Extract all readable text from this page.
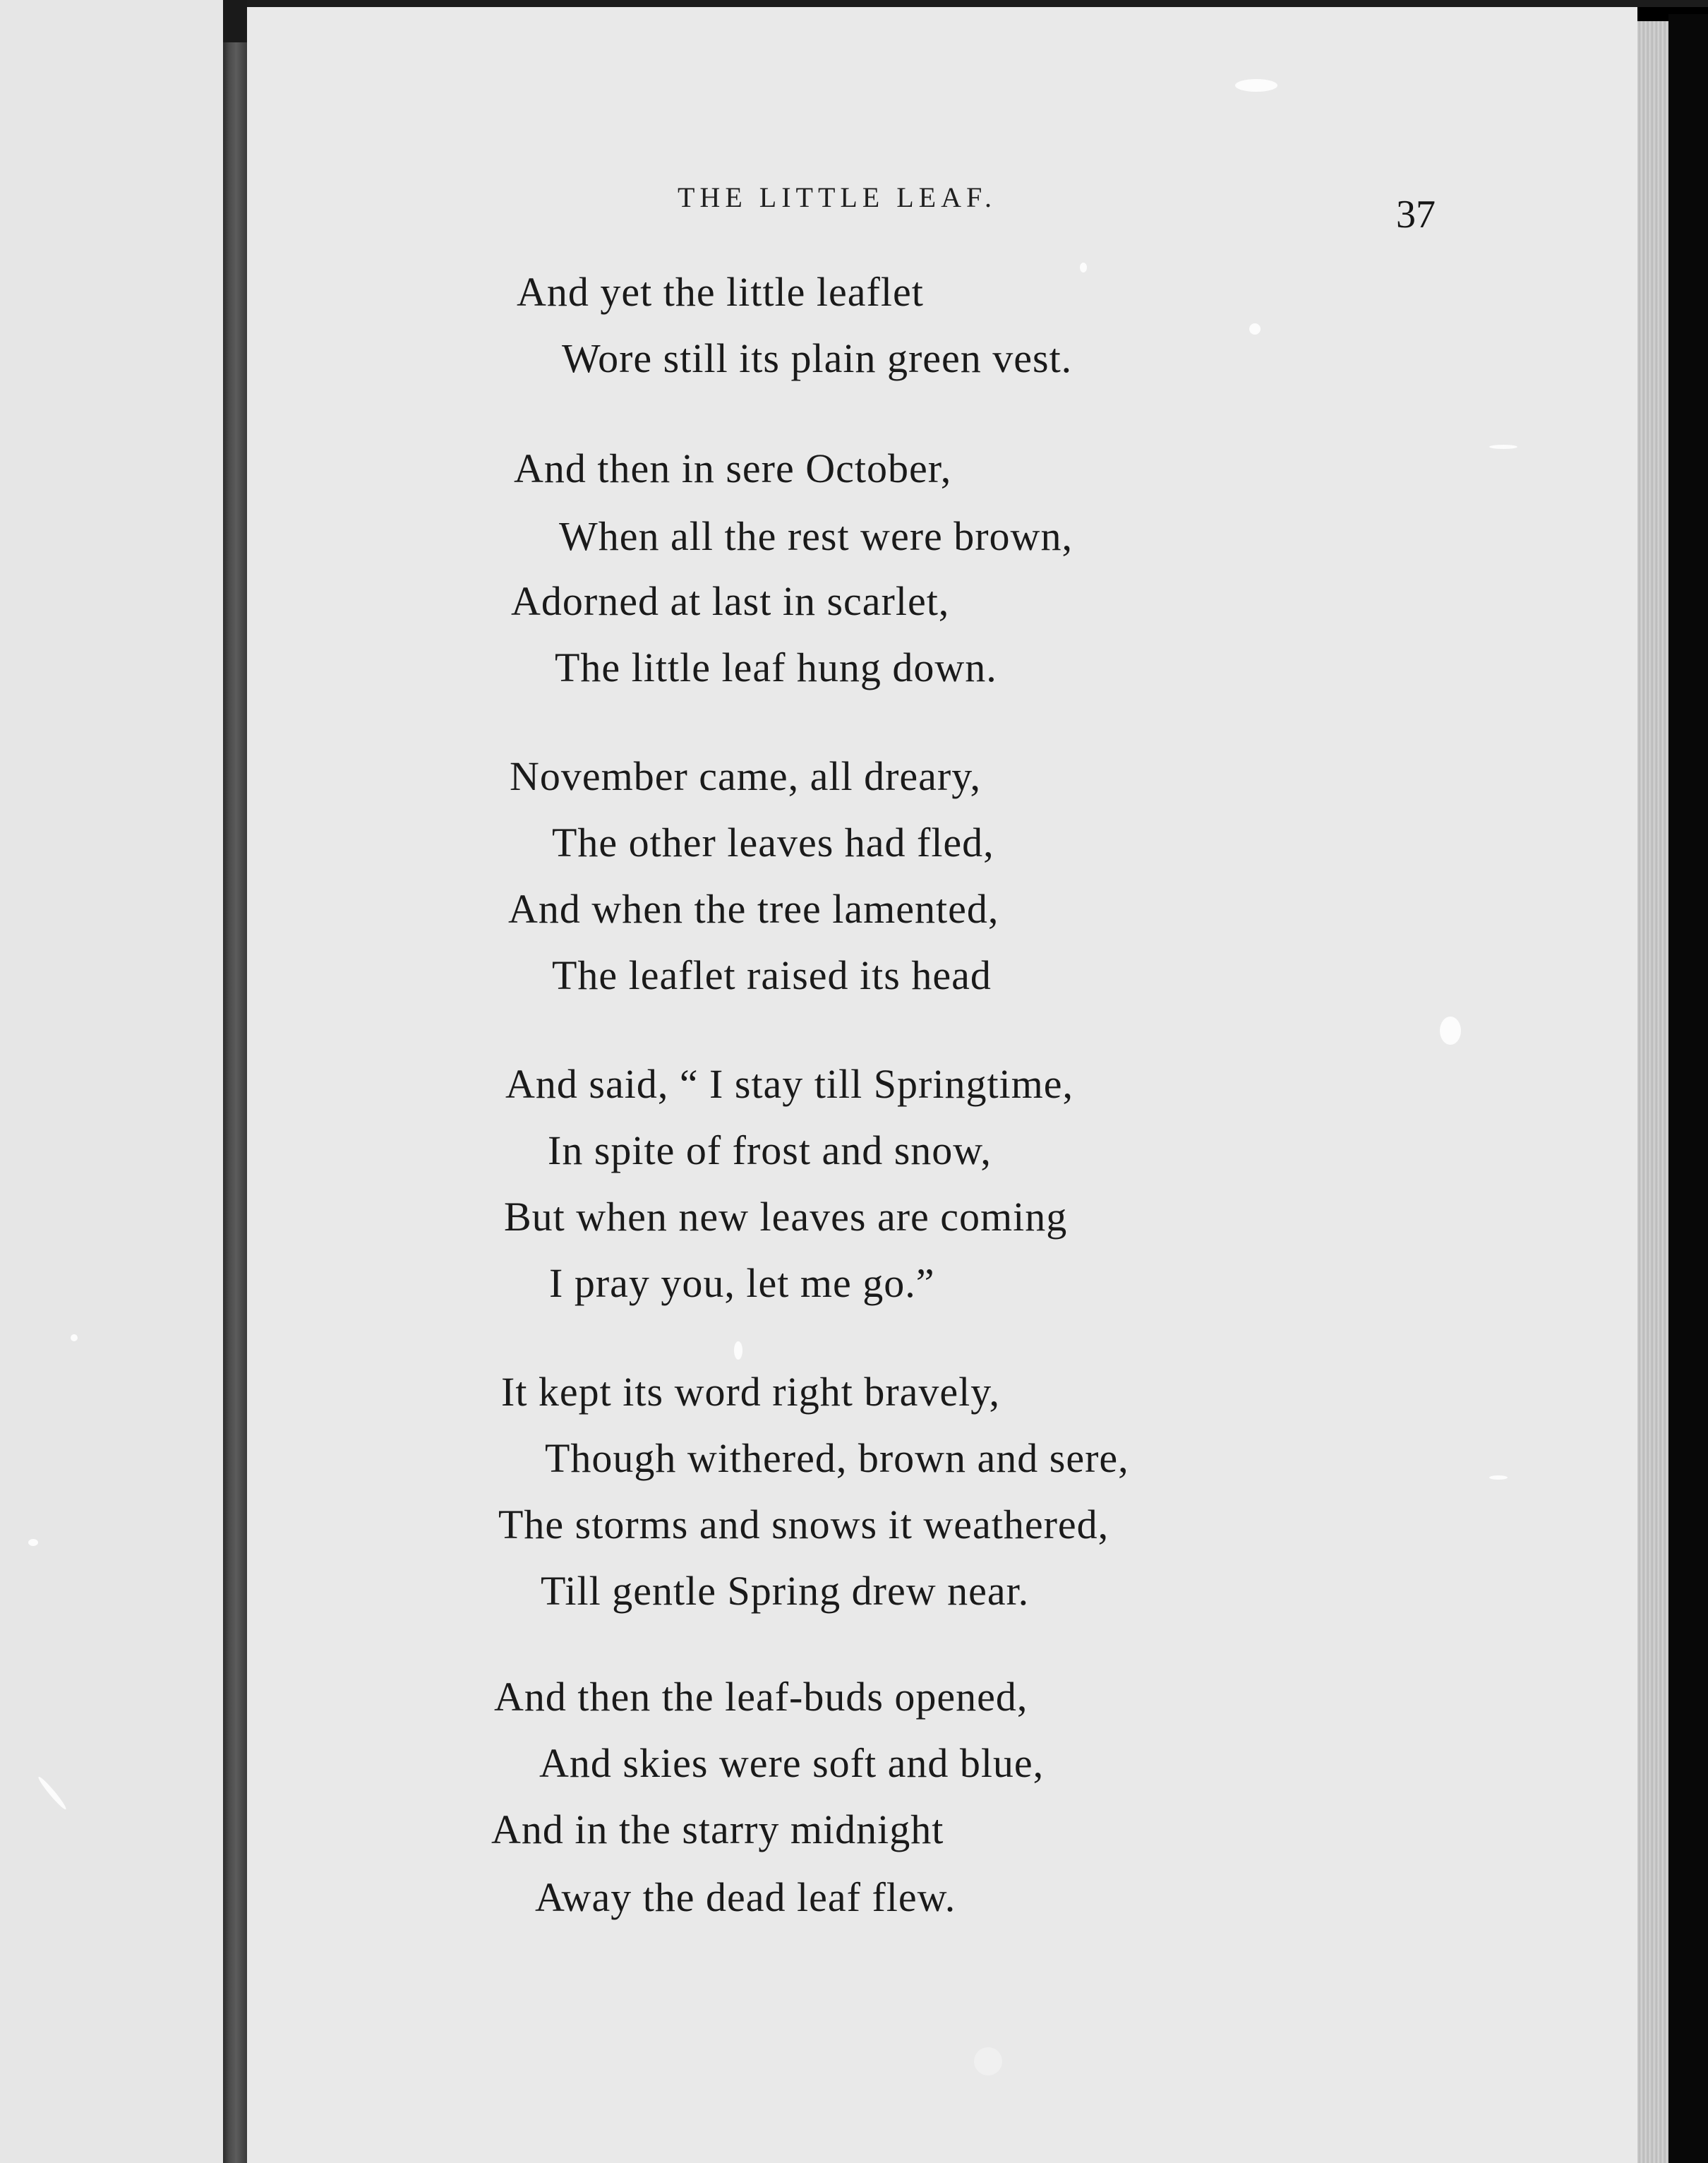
THE LITTLE LEAF.	37
And yet the little leaflet
Wore still its plain green vest.
And then in sere October,
When all the rest were brown,
Adorned at last in scarlet,
The little leaf hung down.
November came, all dreary,
The other leaves had fled,
And when the tree lamented,
The leaflet raised its head
And said, “ I stay till Springtime,
In spite of frost and snow,
But when new leaves are coming
I pray you, let me go.”
It kept its word right bravely,
Though withered, brown and sere,
The storms and snows it weathered,
Till gentle Spring drew near.
And then the leaf-buds opened,
And skies were soft and blue,
And in the starry midnight
Away the dead leaf flew.
